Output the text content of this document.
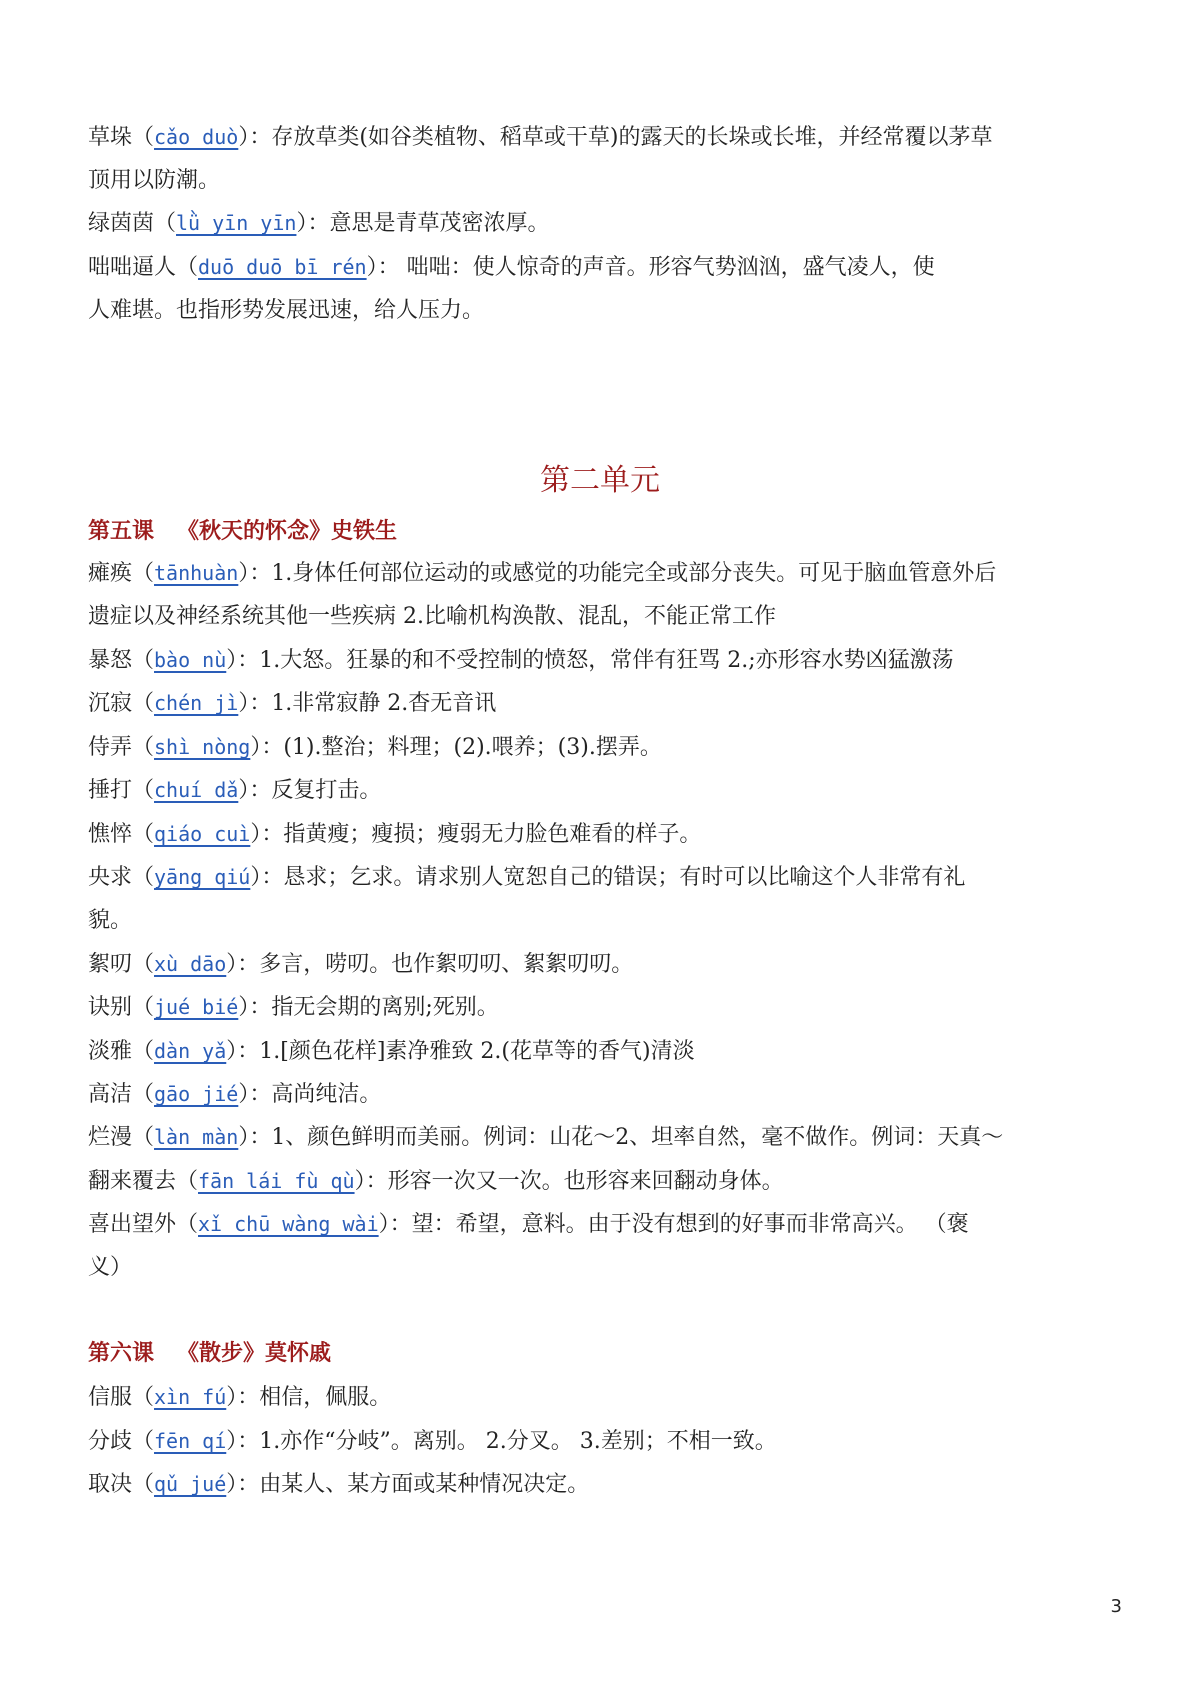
草垛（cǎo duò）：存放草类(如谷类植物、稻草或干草)的露天的长垛或长堆，并经常覆以茅草
顶用以防潮。
绿茵茵（lǜ yīn yīn）：意思是青草茂密浓厚。
咄咄逼人（duō duō bī rén）： 咄咄：使人惊奇的声音。形容气势汹汹，盛气凌人，使
人难堪。也指形势发展迅速，给人压力。
第二单元
第五课   《秋天的怀念》史铁生
瘫痪（tānhuàn）：1.身体任何部位运动的或感觉的功能完全或部分丧失。可见于脑血管意外后
遗症以及神经系统其他一些疾病 2.比喻机构涣散、混乱，不能正常工作
暴怒（bào nù）：1.大怒。狂暴的和不受控制的愤怒，常伴有狂骂 2.;亦形容水势凶猛激荡
沉寂（chén jì）：1.非常寂静 2.杳无音讯
侍弄（shì nòng）：(1).整治；料理；(2).喂养；(3).摆弄。
捶打（chuí dǎ）：反复打击。
憔悴（qiáo cuì）：指黄瘦；瘦损；瘦弱无力脸色难看的样子。
央求（yāng qiú）：恳求；乞求。请求别人宽恕自己的错误；有时可以比喻这个人非常有礼
貌。
絮叨（xù dāo）：多言，唠叨。也作絮叨叨、絮絮叨叨。
诀别（jué bié）：指无会期的离别;死别。
淡雅（dàn yǎ）：1.[颜色花样]素净雅致 2.(花草等的香气)清淡
高洁（gāo jié）：高尚纯洁。
烂漫（làn màn）：1、颜色鲜明而美丽。例词：山花～2、坦率自然，毫不做作。例词：天真～
翻来覆去（fān lái fù qù）：形容一次又一次。也形容来回翻动身体。
喜出望外（xǐ chū wàng wài）：望：希望，意料。由于没有想到的好事而非常高兴。 （褒
义）
第六课   《散步》莫怀戚
信服（xìn fú）：相信，佩服。
分歧（fēn qí）：1.亦作“分岐”。离别。 2.分叉。 3.差别；不相一致。
取决（qǔ jué）：由某人、某方面或某种情况决定。
3
